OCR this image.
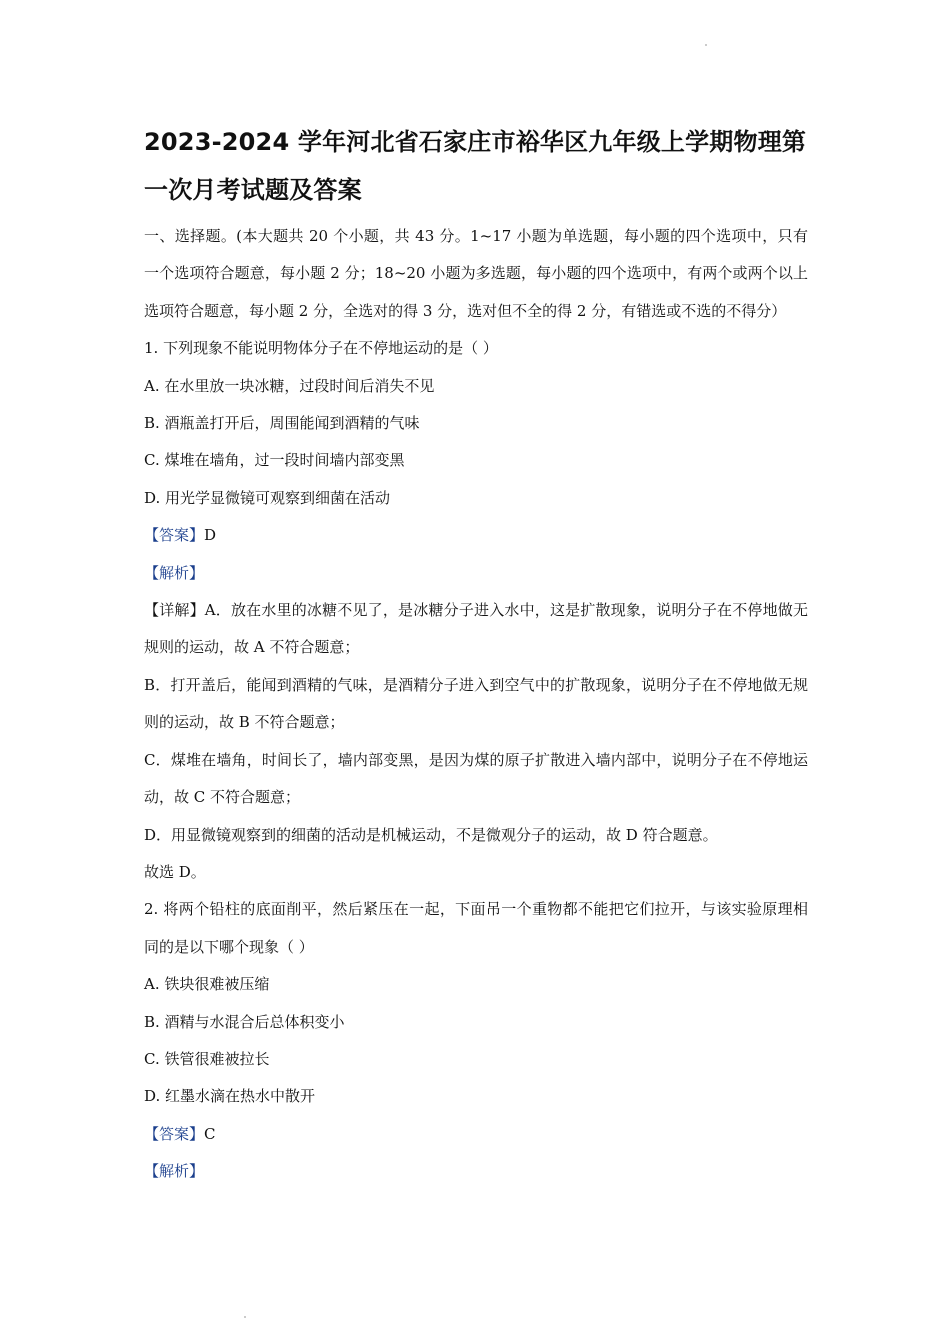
2023-2024 学年河北省石家庄市裕华区九年级上学期物理第
一次月考试题及答案

一、选择题。(本大题共 20 个小题，共 43 分。1~17 小题为单选题，每小题的四个选项中，只有一个选项符合题意，每小题 2 分；18~20 小题为多选题，每小题的四个选项中，有两个或两个以上选项符合题意，每小题 2 分，全选对的得 3 分，选对但不全的得 2 分，有错选或不选的不得分）

1. 下列现象不能说明物体分子在不停地运动的是（ ）

A. 在水里放一块冰糖，过段时间后消失不见

B. 酒瓶盖打开后，周围能闻到酒精的气味

C. 煤堆在墙角，过一段时间墙内部变黑

D. 用光学显微镜可观察到细菌在活动

【答案】D

【解析】

【详解】A．放在水里的冰糖不见了，是冰糖分子进入水中，这是扩散现象，说明分子在不停地做无规则的运动，故 A 不符合题意；

B．打开盖后，能闻到酒精的气味，是酒精分子进入到空气中的扩散现象，说明分子在不停地做无规则的运动，故 B 不符合题意；

C．煤堆在墙角，时间长了，墙内部变黑，是因为煤的原子扩散进入墙内部中，说明分子在不停地运动，故 C 不符合题意；

D．用显微镜观察到的细菌的活动是机械运动，不是微观分子的运动，故 D 符合题意。

故选 D。

2. 将两个铅柱的底面削平，然后紧压在一起，下面吊一个重物都不能把它们拉开，与该实验原理相同的是以下哪个现象（ ）

A. 铁块很难被压缩

B. 酒精与水混合后总体积变小

C. 铁管很难被拉长

D. 红墨水滴在热水中散开

【答案】C

【解析】
